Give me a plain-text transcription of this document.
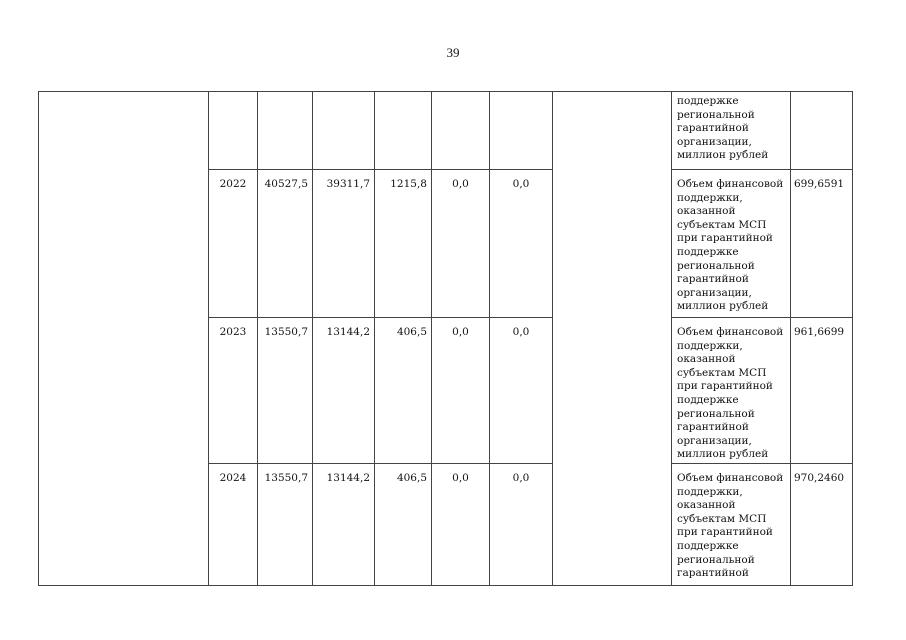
39
								поддержке региональной гарантийной организации, миллион рублей	
	2022	40527,5	39311,7	1215,8	0,0	0,0		Объем финансовой поддержки, оказанной субъектам МСП при гарантийной поддержке региональной гарантийной организации, миллион рублей	699,6591
	2023	13550,7	13144,2	406,5	0,0	0,0		Объем финансовой поддержки, оказанной субъектам МСП при гарантийной поддержке региональной гарантийной организации, миллион рублей	961,6699
	2024	13550,7	13144,2	406,5	0,0	0,0		Объем финансовой поддержки, оказанной субъектам МСП при гарантийной поддержке региональной гарантийной	970,2460
